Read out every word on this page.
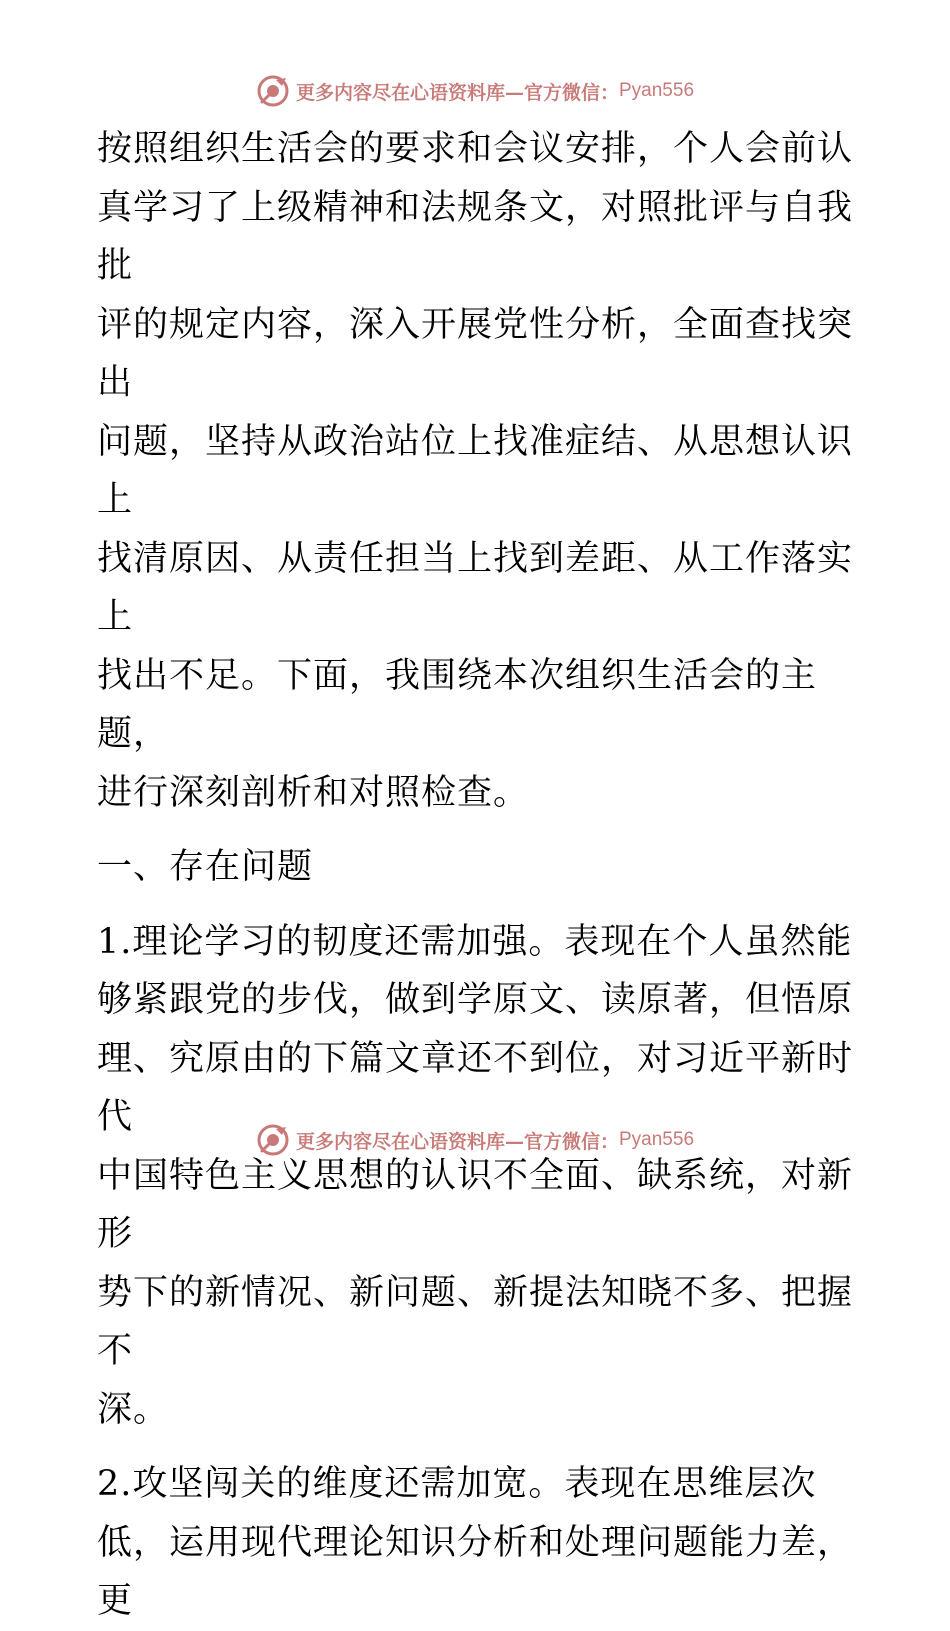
更多内容尽在心语资料库—官方微信： Pyan556

按照组织生活会的要求和会议安排，个人会前认
真学习了上级精神和法规条文，对照批评与自我批
评的规定内容，深入开展党性分析，全面查找突出
问题，坚持从政治站位上找准症结、从思想认识上
找清原因、从责任担当上找到差距、从工作落实上
找出不足。下面，我围绕本次组织生活会的主题，
进行深刻剖析和对照检查。

一、存在问题

1.理论学习的韧度还需加强。表现在个人虽然能
够紧跟党的步伐，做到学原文、读原著，但悟原
理、究原由的下篇文章还不到位，对习近平新时代
中国特色主义思想的认识不全面、缺系统，对新形
势下的新情况、新问题、新提法知晓不多、把握不
深。

2.攻坚闯关的维度还需加宽。表现在思维层次
低，运用现代理论知识分析和处理问题能力差，更

更多内容尽在心语资料库—官方微信： Pyan556
